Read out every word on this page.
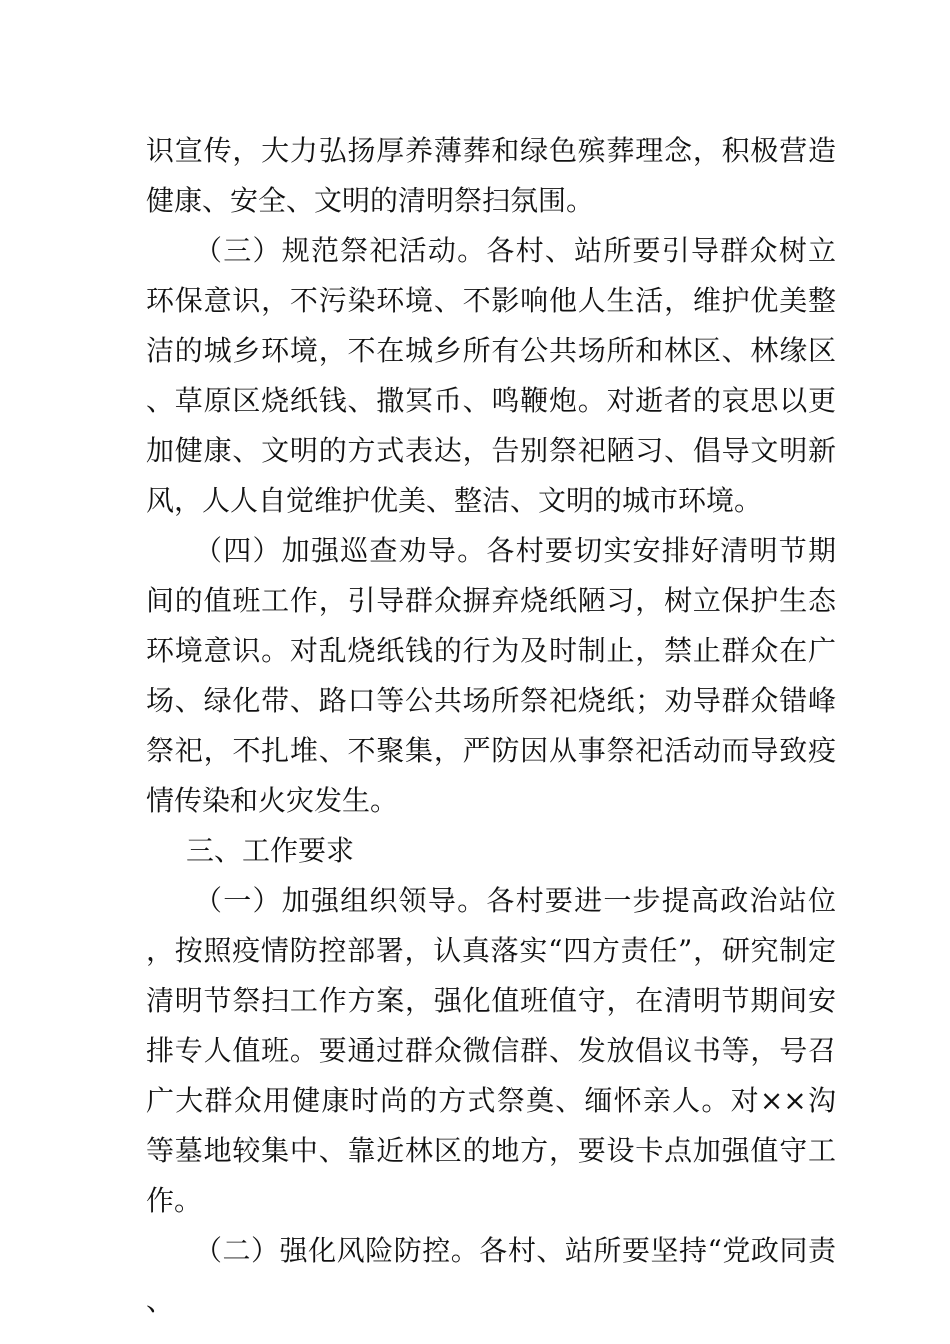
识宣传，大力弘扬厚养薄葬和绿色殡葬理念，积极营造健康、安全、文明的清明祭扫氛围。

（三）规范祭祀活动。各村、站所要引导群众树立环保意识，不污染环境、不影响他人生活，维护优美整洁的城乡环境，不在城乡所有公共场所和林区、林缘区、草原区烧纸钱、撒冥币、鸣鞭炮。对逝者的哀思以更加健康、文明的方式表达，告别祭祀陋习、倡导文明新风，人人自觉维护优美、整洁、文明的城市环境。

（四）加强巡查劝导。各村要切实安排好清明节期间的值班工作，引导群众摒弃烧纸陋习，树立保护生态环境意识。对乱烧纸钱的行为及时制止，禁止群众在广场、绿化带、路口等公共场所祭祀烧纸；劝导群众错峰祭祀，不扎堆、不聚集，严防因从事祭祀活动而导致疫情传染和火灾发生。

三、工作要求

（一）加强组织领导。各村要进一步提高政治站位，按照疫情防控部署，认真落实“四方责任”，研究制定清明节祭扫工作方案，强化值班值守，在清明节期间安排专人值班。要通过群众微信群、发放倡议书等，号召广大群众用健康时尚的方式祭奠、缅怀亲人。对××沟等墓地较集中、靠近林区的地方，要设卡点加强值守工作。

（二）强化风险防控。各村、站所要坚持“党政同责、
